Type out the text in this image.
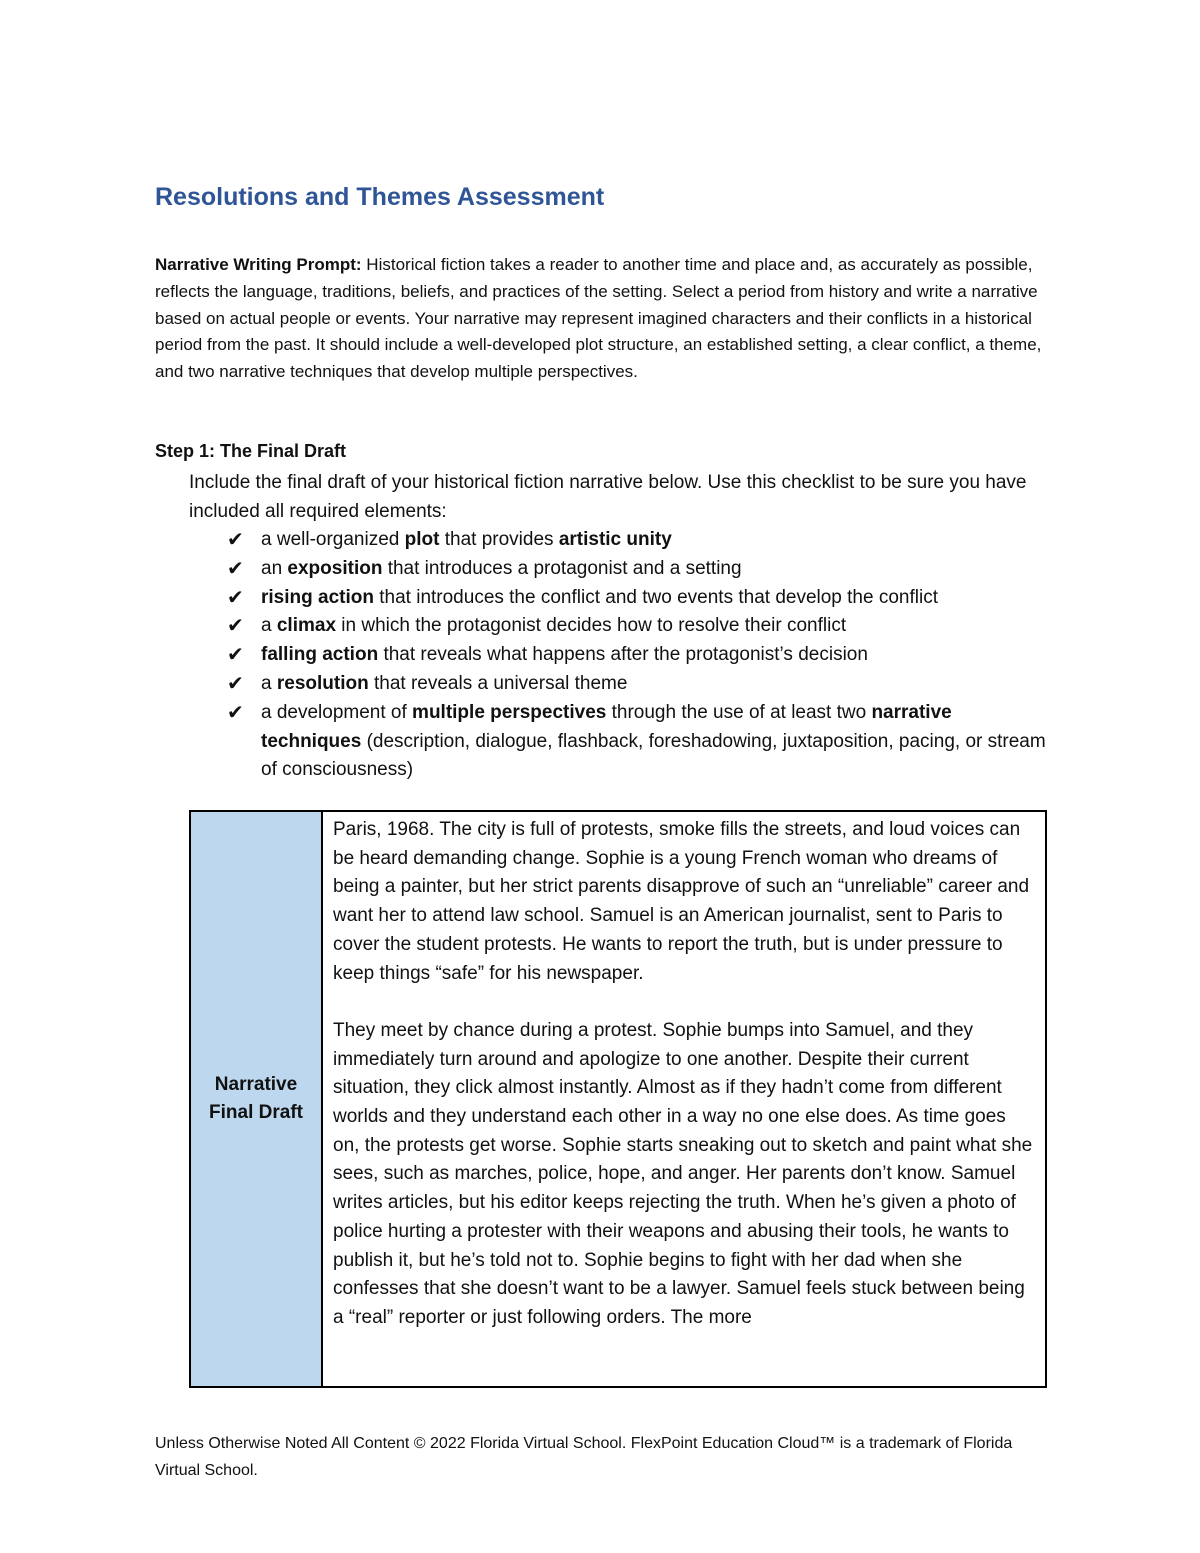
Resolutions and Themes Assessment
Narrative Writing Prompt: Historical fiction takes a reader to another time and place and, as accurately as possible, reflects the language, traditions, beliefs, and practices of the setting. Select a period from history and write a narrative based on actual people or events. Your narrative may represent imagined characters and their conflicts in a historical period from the past. It should include a well-developed plot structure, an established setting, a clear conflict, a theme, and two narrative techniques that develop multiple perspectives.
Step 1: The Final Draft
Include the final draft of your historical fiction narrative below. Use this checklist to be sure you have included all required elements:
✔ a well-organized plot that provides artistic unity
✔ an exposition that introduces a protagonist and a setting
✔ rising action that introduces the conflict and two events that develop the conflict
✔ a climax in which the protagonist decides how to resolve their conflict
✔ falling action that reveals what happens after the protagonist’s decision
✔ a resolution that reveals a universal theme
✔ a development of multiple perspectives through the use of at least two narrative techniques (description, dialogue, flashback, foreshadowing, juxtaposition, pacing, or stream of consciousness)
Narrative Final Draft

Paris, 1968. The city is full of protests, smoke fills the streets, and loud voices can be heard demanding change. Sophie is a young French woman who dreams of being a painter, but her strict parents disapprove of such an “unreliable” career and want her to attend law school. Samuel is an American journalist, sent to Paris to cover the student protests. He wants to report the truth, but is under pressure to keep things “safe” for his newspaper.

They meet by chance during a protest. Sophie bumps into Samuel, and they immediately turn around and apologize to one another. Despite their current situation, they click almost instantly. Almost as if they hadn’t come from different worlds and they understand each other in a way no one else does. As time goes on, the protests get worse. Sophie starts sneaking out to sketch and paint what she sees, such as marches, police, hope, and anger. Her parents don’t know. Samuel writes articles, but his editor keeps rejecting the truth. When he’s given a photo of police hurting a protester with their weapons and abusing their tools, he wants to publish it, but he’s told not to. Sophie begins to fight with her dad when she confesses that she doesn’t want to be a lawyer. Samuel feels stuck between being a “real” reporter or just following orders. The more

Unless Otherwise Noted All Content © 2022 Florida Virtual School. FlexPoint Education Cloud™ is a trademark of Florida Virtual School.
